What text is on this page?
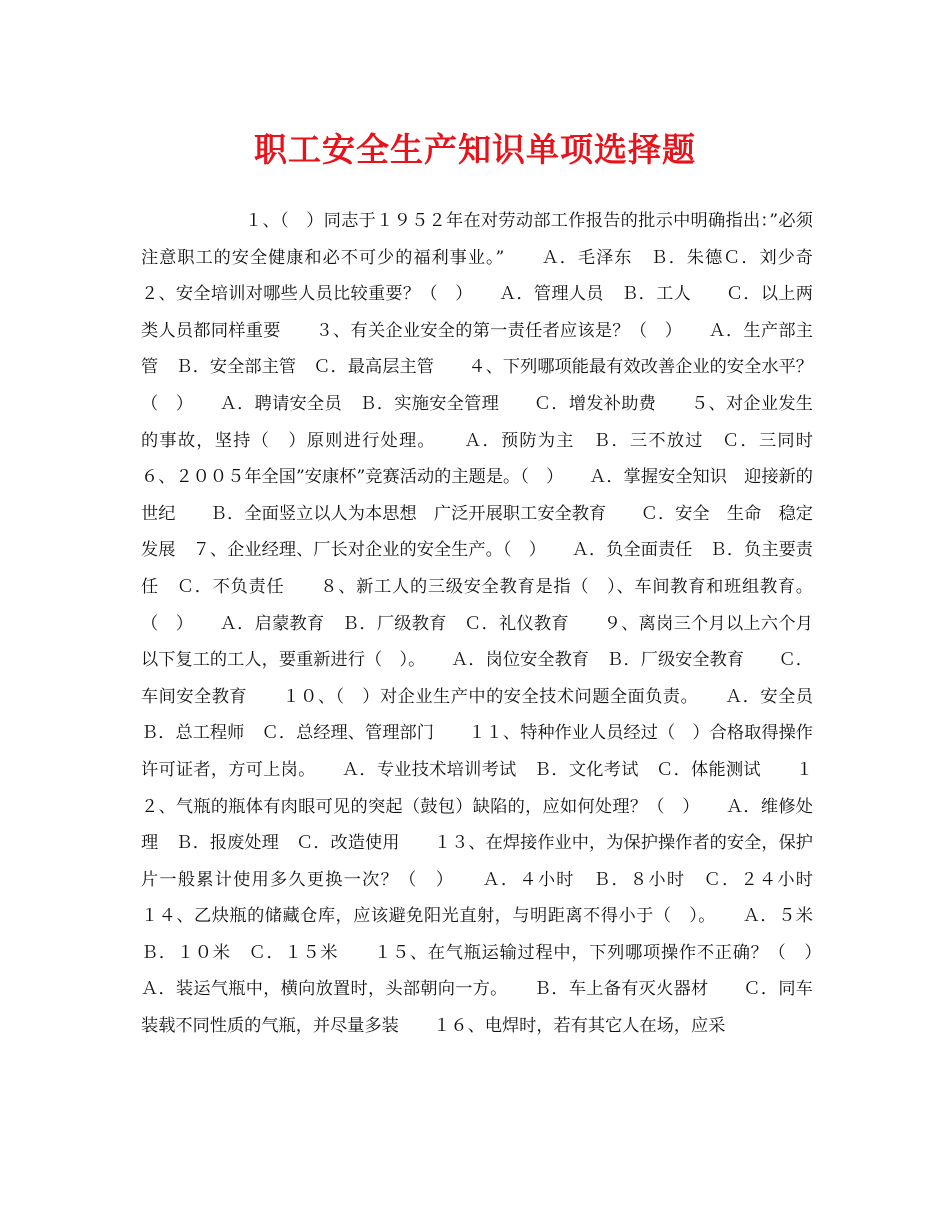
职工安全生产知识单项选择题

１、（　）同志于１９５２年在对劳动部工作报告的批示中明确指出：”必须注意职工的安全健康和必不可少的福利事业。”　　Ａ．毛泽东　Ｂ．朱德Ｃ．刘少奇　　２、安全培训对哪些人员比较重要？（　）　　Ａ．管理人员　Ｂ．工人　　Ｃ．以上两类人员都同样重要　　３、有关企业安全的第一责任者应该是？（　）　　Ａ．生产部主管　Ｂ．安全部主管　Ｃ．最高层主管　　４、下列哪项能最有效改善企业的安全水平？（　）　　Ａ．聘请安全员　Ｂ．实施安全管理　　Ｃ．增发补助费　　５、对企业发生的事故，坚持（　）原则进行处理。　　Ａ．预防为主　Ｂ．三不放过　Ｃ．三同时　　６、２００５年全国”安康杯”竞赛活动的主题是。（　）　　Ａ．掌握安全知识　迎接新的世纪　　Ｂ．全面竖立以人为本思想　广泛开展职工安全教育　　Ｃ．安全　生命　稳定　发展　７、企业经理、厂长对企业的安全生产。（　）　　Ａ．负全面责任　Ｂ．负主要责任　Ｃ．不负责任　　８、新工人的三级安全教育是指（　）、车间教育和班组教育。（　）　　Ａ．启蒙教育　Ｂ．厂级教育　Ｃ．礼仪教育　　９、离岗三个月以上六个月以下复工的工人，要重新进行（　）。　　Ａ．岗位安全教育　Ｂ．厂级安全教育　　Ｃ．车间安全教育　　１０、（　）对企业生产中的安全技术问题全面负责。　　Ａ．安全员　Ｂ．总工程师　Ｃ．总经理、管理部门　　１１、特种作业人员经过（　）合格取得操作许可证者，方可上岗。　　Ａ．专业技术培训考试　Ｂ．文化考试　Ｃ．体能测试　　１２、气瓶的瓶体有肉眼可见的突起（鼓包）缺陷的，应如何处理？（　）　　Ａ．维修处理　Ｂ．报废处理　Ｃ．改造使用　　１３、在焊接作业中，为保护操作者的安全，保护片一般累计使用多久更换一次？（　）　　Ａ．４小时　Ｂ．８小时　Ｃ．２４小时　　１４、乙炔瓶的储藏仓库，应该避免阳光直射，与明距离不得小于（　）。　　Ａ．５米　Ｂ．１０米　Ｃ．１５米　　１５、在气瓶运输过程中，下列哪项操作不正确？（　）　Ａ．装运气瓶中，横向放置时，头部朝向一方。　　Ｂ．车上备有灭火器材　　Ｃ．同车装载不同性质的气瓶，并尽量多装　　１６、电焊时，若有其它人在场，应采
